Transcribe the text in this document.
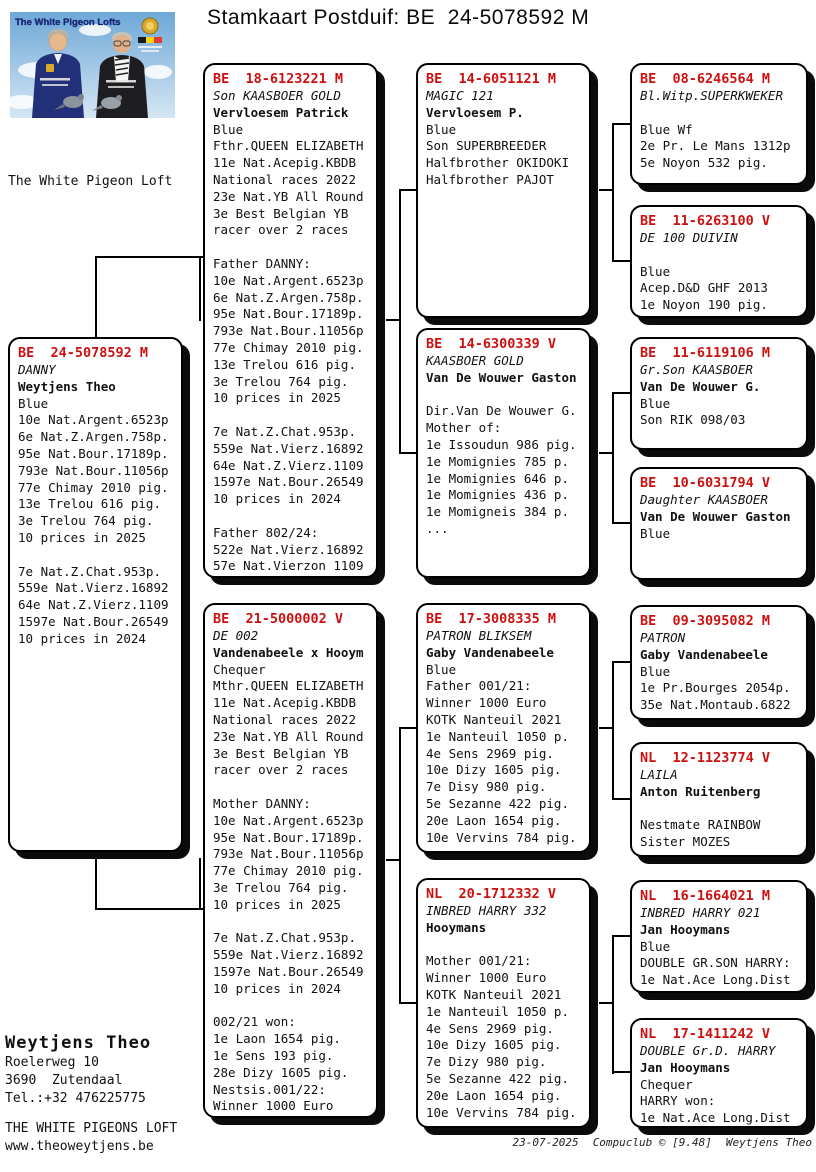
Stamkaart Postduif: BE  24-5078592 M
The White Pigeon Lofts
The White Pigeon Loft
BE  24-5078592 M
DANNY
Weytjens Theo
Blue
10e Nat.Argent.6523p
6e Nat.Z.Argen.758p.
95e Nat.Bour.17189p.
793e Nat.Bour.11056p
77e Chimay 2010 pig.
13e Trelou 616 pig.
3e Trelou 764 pig.
10 prices in 2025

7e Nat.Z.Chat.953p.
559e Nat.Vierz.16892
64e Nat.Z.Vierz.1109
1597e Nat.Bour.26549
10 prices in 2024
BE  18-6123221 M
Son KAASBOER GOLD
Vervloesem Patrick
Blue
Fthr.QUEEN ELIZABETH
11e Nat.Acepig.KBDB
National races 2022
23e Nat.YB All Round
3e Best Belgian YB
racer over 2 races

Father DANNY:
10e Nat.Argent.6523p
6e Nat.Z.Argen.758p.
95e Nat.Bour.17189p.
793e Nat.Bour.11056p
77e Chimay 2010 pig.
13e Trelou 616 pig.
3e Trelou 764 pig.
10 prices in 2025

7e Nat.Z.Chat.953p.
559e Nat.Vierz.16892
64e Nat.Z.Vierz.1109
1597e Nat.Bour.26549
10 prices in 2024

Father 802/24:
522e Nat.Vierz.16892
57e Nat.Vierzon 1109
BE  21-5000002 V
DE 002
Vandenabeele x Hooym
Chequer
Mthr.QUEEN ELIZABETH
11e Nat.Acepig.KBDB
National races 2022
23e Nat.YB All Round
3e Best Belgian YB
racer over 2 races

Mother DANNY:
10e Nat.Argent.6523p
95e Nat.Bour.17189p.
793e Nat.Bour.11056p
77e Chimay 2010 pig.
3e Trelou 764 pig.
10 prices in 2025

7e Nat.Z.Chat.953p.
559e Nat.Vierz.16892
1597e Nat.Bour.26549
10 prices in 2024

002/21 won:
1e Laon 1654 pig.
1e Sens 193 pig.
28e Dizy 1605 pig.
Nestsis.001/22:
Winner 1000 Euro
BE  14-6051121 M
MAGIC 121
Vervloesem P.
Blue
Son SUPERBREEDER
Halfbrother OKIDOKI
Halfbrother PAJOT
BE  14-6300339 V
KAASBOER GOLD
Van De Wouwer Gaston

Dir.Van De Wouwer G.
Mother of:
1e Issoudun 986 pig.
1e Momignies 785 p.
1e Momignies 646 p.
1e Momignies 436 p.
1e Momigneis 384 p.
...
BE  17-3008335 M
PATRON BLIKSEM
Gaby Vandenabeele
Blue
Father 001/21:
Winner 1000 Euro
KOTK Nanteuil 2021
1e Nanteuil 1050 p.
4e Sens 2969 pig.
10e Dizy 1605 pig.
7e Disy 980 pig.
5e Sezanne 422 pig.
20e Laon 1654 pig.
10e Vervins 784 pig.
NL  20-1712332 V
INBRED HARRY 332
Hooymans

Mother 001/21:
Winner 1000 Euro
KOTK Nanteuil 2021
1e Nanteuil 1050 p.
4e Sens 2969 pig.
10e Dizy 1605 pig.
7e Dizy 980 pig.
5e Sezanne 422 pig.
20e Laon 1654 pig.
10e Vervins 784 pig.
BE  08-6246564 M
Bl.Witp.SUPERKWEKER

Blue Wf
2e Pr. Le Mans 1312p
5e Noyon 532 pig.
BE  11-6263100 V
DE 100 DUIVIN

Blue
Acep.D&D GHF 2013
1e Noyon 190 pig.
BE  11-6119106 M
Gr.Son KAASBOER
Van De Wouwer G.
Blue
Son RIK 098/03
BE  10-6031794 V
Daughter KAASBOER
Van De Wouwer Gaston
Blue
BE  09-3095082 M
PATRON
Gaby Vandenabeele
Blue
1e Pr.Bourges 2054p.
35e Nat.Montaub.6822
NL  12-1123774 V
LAILA
Anton Ruitenberg

Nestmate RAINBOW
Sister MOZES
NL  16-1664021 M
INBRED HARRY 021
Jan Hooymans
Blue
DOUBLE GR.SON HARRY:
1e Nat.Ace Long.Dist
NL  17-1411242 V
DOUBLE Gr.D. HARRY
Jan Hooymans
Chequer
HARRY won:
1e Nat.Ace Long.Dist
Weytjens Theo
Roelerweg 10
3690  Zutendaal
Tel.:+32 476225775
THE WHITE PIGEONS LOFT
www.theoweytjens.be	23-07-2025 Compuclub © [9.48] Weytjens Theo
